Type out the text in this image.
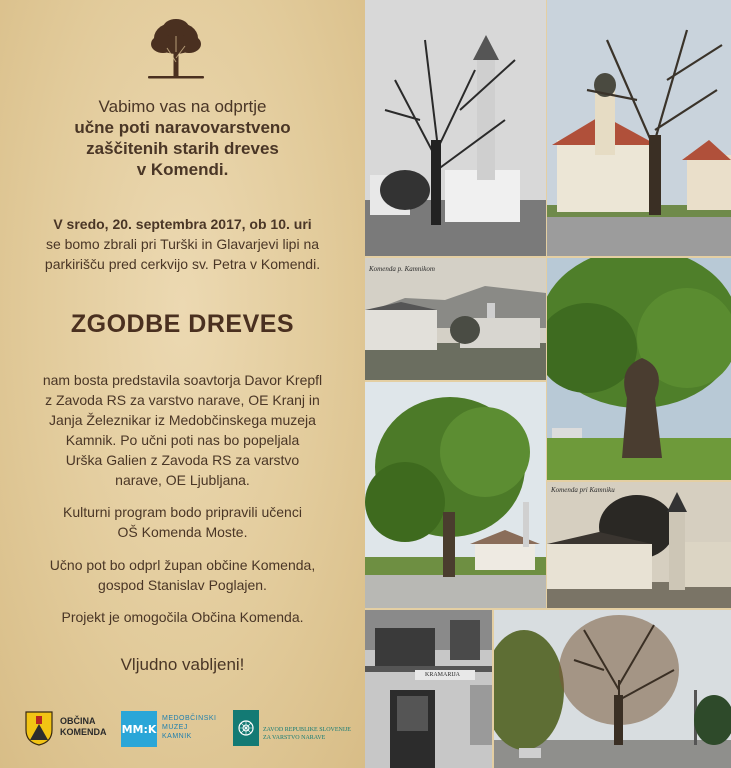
Vabimo vas na odprtje
učne poti naravovarstveno
zaščitenih starih dreves
v Komendi.

V sredo, 20. septembra 2017, ob 10. uri
se bomo zbrali pri Turški in Glavarjevi lipi na
parkirišču pred cerkvijo sv. Petra v Komendi.

ZGODBE DREVES

nam bosta predstavila soavtorja Davor Krepfl
z Zavoda RS za varstvo narave, OE Kranj in
Janja Železnikar iz Medobčinskega muzeja
Kamnik. Po učni poti nas bo popeljala
Urška Galien z Zavoda RS za varstvo
narave, OE Ljubljana.

Kulturni program bodo pripravili učenci
OŠ Komenda Moste.

Učno pot bo odprl župan občine Komenda,
gospod Stanislav Poglajen.

Projekt je omogočila Občina Komenda.

Vljudno vabljeni!

OBČINA
KOMENDA MM:K
MEDOBČINSKI
MUZEJ
KAMNIK
ZAVOD REPUBLIKE SLOVENIJE
ZA VARSTVO NARAVE
Komenda p. Kamnikom
Komenda pri Kamniku
KRAMARIJA
